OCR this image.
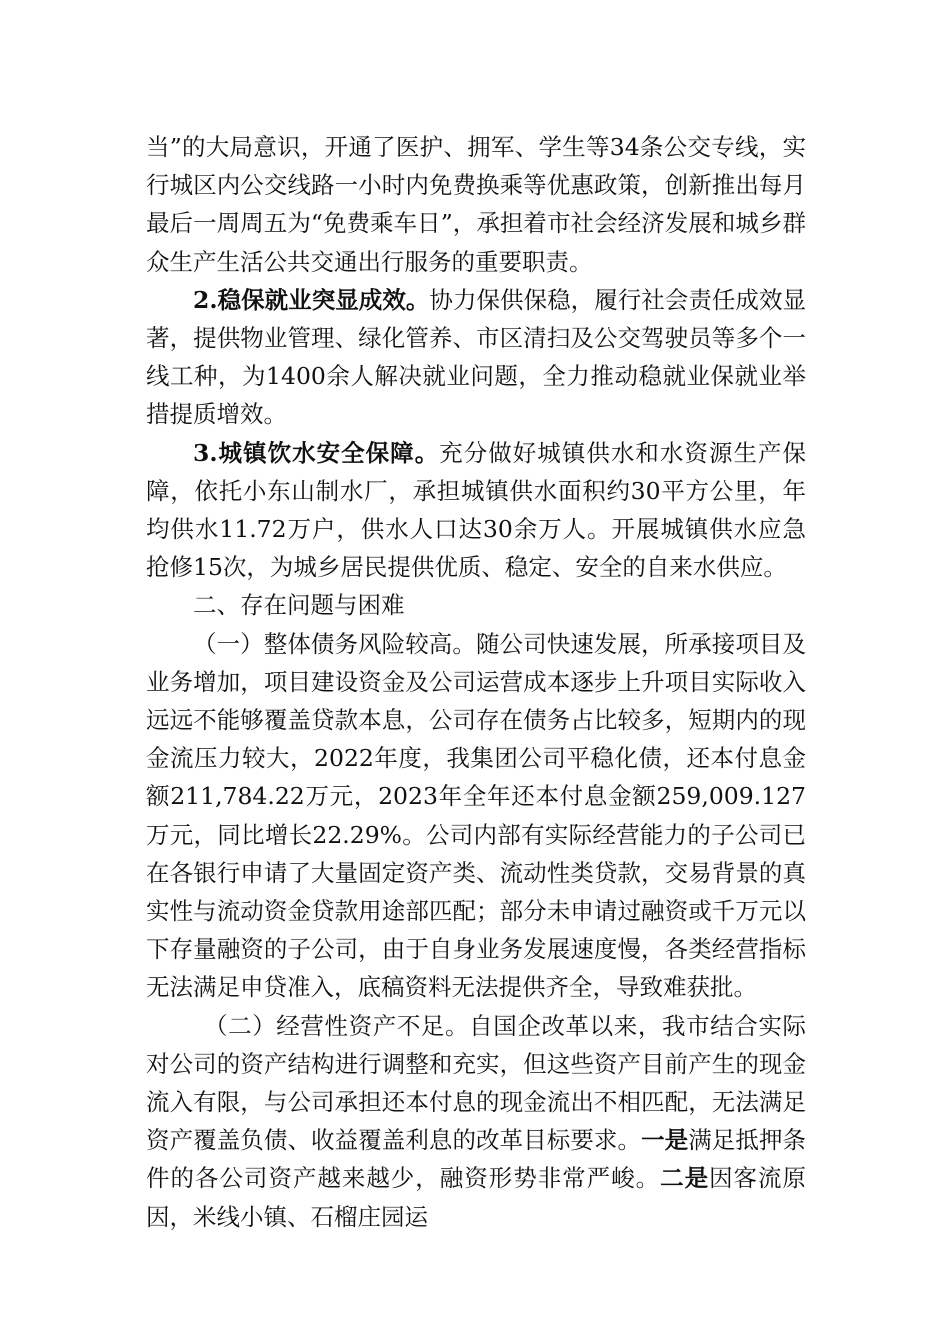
当”的大局意识，开通了医护、拥军、学生等34条公交专线，实行城区内公交线路一小时内免费换乘等优惠政策，创新推出每月最后一周周五为“免费乘车日”，承担着市社会经济发展和城乡群众生产生活公共交通出行服务的重要职责。

2.稳保就业突显成效。协力保供保稳，履行社会责任成效显著，提供物业管理、绿化管养、市区清扫及公交驾驶员等多个一线工种，为1400余人解决就业问题，全力推动稳就业保就业举措提质增效。

3.城镇饮水安全保障。充分做好城镇供水和水资源生产保障，依托小东山制水厂，承担城镇供水面积约30平方公里，年均供水11.72万户，供水人口达30余万人。开展城镇供水应急抢修15次，为城乡居民提供优质、稳定、安全的自来水供应。

二、存在问题与困难

（一）整体债务风险较高。随公司快速发展，所承接项目及业务增加，项目建设资金及公司运营成本逐步上升项目实际收入远远不能够覆盖贷款本息，公司存在债务占比较多，短期内的现金流压力较大，2022年度，我集团公司平稳化债，还本付息金额211,784.22万元，2023年全年还本付息金额259,009.127万元，同比增长22.29%。公司内部有实际经营能力的子公司已在各银行申请了大量固定资产类、流动性类贷款，交易背景的真实性与流动资金贷款用途部匹配；部分未申请过融资或千万元以下存量融资的子公司，由于自身业务发展速度慢，各类经营指标无法满足申贷准入，底稿资料无法提供齐全，导致难获批。

（二）经营性资产不足。自国企改革以来，我市结合实际对公司的资产结构进行调整和充实，但这些资产目前产生的现金流入有限，与公司承担还本付息的现金流出不相匹配，无法满足资产覆盖负债、收益覆盖利息的改革目标要求。一是满足抵押条件的各公司资产越来越少，融资形势非常严峻。二是因客流原因，米线小镇、石榴庄园运
